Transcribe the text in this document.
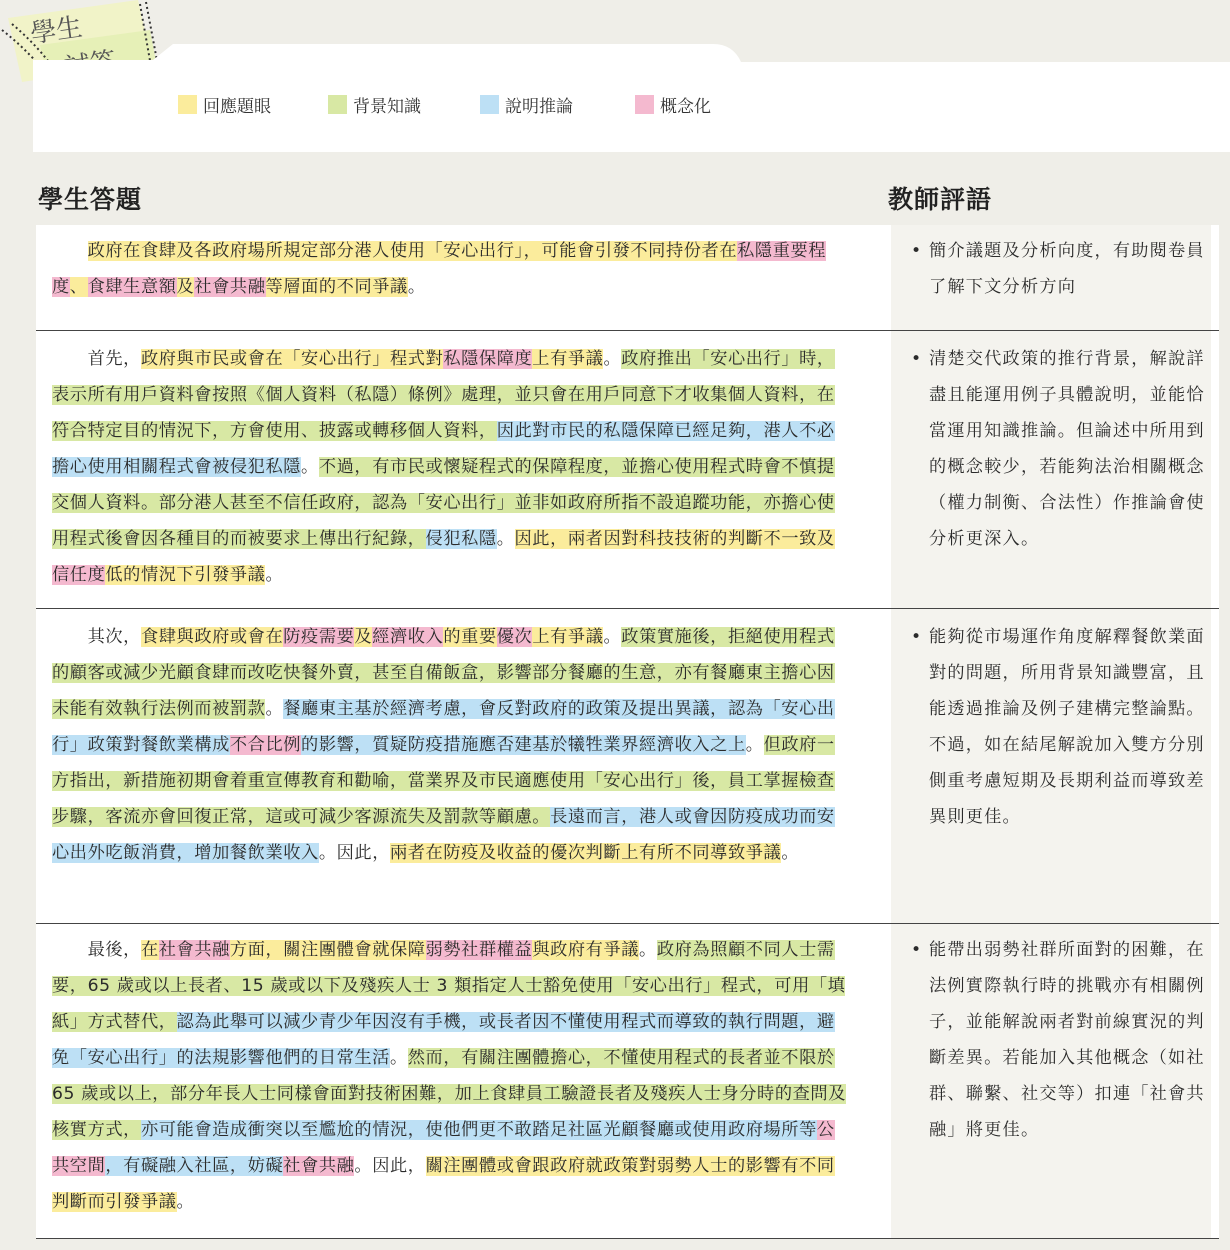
學生
回應題眼	背景知識	說明推論	概念化
學生答題	教師評語
　　政府在食肆及各政府場所規定部分港人使用「安心出行」，可能會引發不同持份者在私隱重要程度、食肆生意額及社會共融等層面的不同爭議。
• 簡介議題及分析向度，有助閱卷員了解下文分析方向
　　首先，政府與市民或會在「安心出行」程式對私隱保障度上有爭議。政府推出「安心出行」時，表示所有用戶資料會按照《個人資料（私隱）條例》處理，並只會在用戶同意下才收集個人資料，在符合特定目的情況下，方會使用、披露或轉移個人資料，因此對市民的私隱保障已經足夠，港人不必擔心使用相關程式會被侵犯私隱。不過，有市民或懷疑程式的保障程度，並擔心使用程式時會不慎提交個人資料。部分港人甚至不信任政府，認為「安心出行」並非如政府所指不設追蹤功能，亦擔心使用程式後會因各種目的而被要求上傳出行紀錄，侵犯私隱。因此，兩者因對科技技術的判斷不一致及信任度低的情況下引發爭議。
• 清楚交代政策的推行背景，解說詳盡且能運用例子具體說明，並能恰當運用知識推論。但論述中所用到的概念較少，若能夠法治相關概念（權力制衡、合法性）作推論會使分析更深入。
　　其次，食肆與政府或會在防疫需要及經濟收入的重要優次上有爭議。政策實施後，拒絕使用程式的顧客或減少光顧食肆而改吃快餐外賣，甚至自備飯盒，影響部分餐廳的生意，亦有餐廳東主擔心因未能有效執行法例而被罰款。餐廳東主基於經濟考慮，會反對政府的政策及提出異議，認為「安心出行」政策對餐飲業構成不合比例的影響，質疑防疫措施應否建基於犧牲業界經濟收入之上。但政府一方指出，新措施初期會着重宣傳教育和勸喻，當業界及市民適應使用「安心出行」後，員工掌握檢查步驟，客流亦會回復正常，這或可減少客源流失及罰款等顧慮。長遠而言，港人或會因防疫成功而安心出外吃飯消費，增加餐飲業收入。因此，兩者在防疫及收益的優次判斷上有所不同導致爭議。
• 能夠從市場運作角度解釋餐飲業面對的問題，所用背景知識豐富，且能透過推論及例子建構完整論點。不過，如在結尾解說加入雙方分別側重考慮短期及長期利益而導致差異則更佳。
　　最後，在社會共融方面，關注團體會就保障弱勢社群權益與政府有爭議。政府為照顧不同人士需要，65 歲或以上長者、15 歲或以下及殘疾人士 3 類指定人士豁免使用「安心出行」程式，可用「填紙」方式替代，認為此舉可以減少青少年因沒有手機，或長者因不懂使用程式而導致的執行問題，避免「安心出行」的法規影響他們的日常生活。然而，有關注團體擔心，不懂使用程式的長者並不限於 65 歲或以上，部分年長人士同樣會面對技術困難，加上食肆員工驗證長者及殘疾人士身分時的查問及核實方式，亦可能會造成衝突以至尷尬的情況，使他們更不敢踏足社區光顧餐廳或使用政府場所等公共空間，有礙融入社區，妨礙社會共融。因此，關注團體或會跟政府就政策對弱勢人士的影響有不同判斷而引發爭議。
• 能帶出弱勢社群所面對的困難，在法例實際執行時的挑戰亦有相關例子，並能解說兩者對前線實況的判斷差異。若能加入其他概念（如社群、聯繫、社交等）扣連「社會共融」將更佳。
